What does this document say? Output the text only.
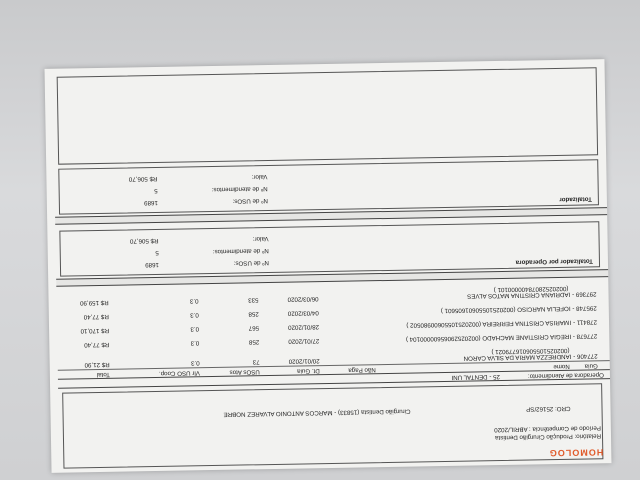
HOMOLOG
Relatório: Produção Cirurgião Dentista
Período de Competência : ABRIL/2020
CRO: 25162/SP
Cirurgião Dentista (15833) - MARCOS ANTONIO ALVAREZ NOBRE
Operadora de Atendimento:
25 - DENTAL UNI
Guia
Nome
Não Paga
Dt. Guia
USOs Atos
Vlr USO Coop.
Total
277406 - I
ANDREZZA MARIA DA SILVA CARON
(002025105506016779021 )
20/01/2020
73
0.3
R$ 21,90
277678 - I
REGIA CRISTIANE MACHADO (00202529065600000104 )
27/01/2020
258
0.3
R$ 77,40
278411 - I
MARISA CRISTINA FERREIRA (00202510550600980502 )
28/01/2020
567
0.3
R$ 170,10
295748 - I
OFELIA NARCISO (00202510550601605601 )
04/03/2020
258
0.3
R$ 77,40
297369 - I
ADRIANA CRISTINA MATOS ALVES
(00202528078400000101 )
06/03/2020
533
0.3
R$ 159,90
Totalizador por Operadora
Nº de USOs:
1689
Nº de atendimentos:
5
Valor:
R$ 506,70
Totalizador
Nº de USOs:
1689
Nº de atendimentos:
5
Valor:
R$ 506,70
